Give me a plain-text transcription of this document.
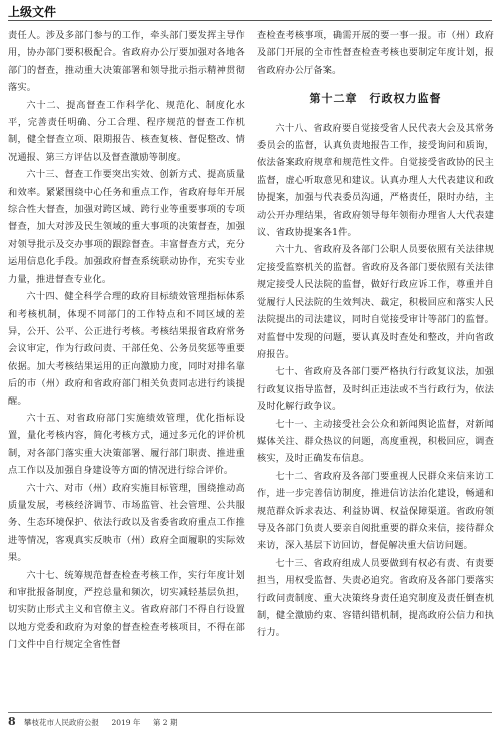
上级文件

责任人。涉及多部门参与的工作，牵头部门要发挥主导作用，协办部门要积极配合。省政府办公厅要加强对各地各部门的督查，推动重大决策部署和领导批示指示精神贯彻落实。

六十二、提高督查工作科学化、规范化、制度化水平，完善责任明确、分工合理、程序规范的督查工作机制，健全督查立项、限期报告、核查复核、督促整改、情况通报、第三方评估以及督查激励等制度。

六十三、督查工作要突出实效、创新方式、提高质量和效率。紧紧围绕中心任务和重点工作，省政府每年开展综合性大督查，加强对跨区域、跨行业等重要事项的专项督查，加大对涉及民生领域的重大事项的决策督查，加强对领导批示及交办事项的跟踪督查。丰富督查方式，充分运用信息化手段。加强政府督查系统联动协作，充实专业力量，推进督查专业化。

六十四、健全科学合理的政府目标绩效管理指标体系和考核机制，体现不同部门的工作特点和不同区域的差异，公开、公平、公正进行考核。考核结果报省政府常务会议审定，作为行政问责、干部任免、公务员奖惩等重要依据。加大考核结果运用的正向激励力度，同时对排名靠后的市（州）政府和省政府部门相关负责同志进行约谈提醒。

六十五、对省政府部门实施绩效管理，优化指标设置，量化考核内容，简化考核方式，通过多元化的评价机制，对各部门落实重大决策部署、履行部门职责、推进重点工作以及加强自身建设等方面的情况进行综合评价。

六十六、对市（州）政府实施目标管理，围绕推动高质量发展，考核经济调节、市场监管、社会管理、公共服务、生态环境保护、依法行政以及省委省政府重点工作推进等情况，客观真实反映市（州）政府全面履职的实际效果。

六十七、统筹规范督查检查考核工作，实行年度计划和审批报备制度，严控总量和频次，切实减轻基层负担，切实防止形式主义和官僚主义。省政府部门不得自行设置以地方党委和政府为对象的督查检查考核项目，不得在部门文件中自行规定全省性督

查检查考核事项，确需开展的要一事一报。市（州）政府及部门开展的全市性督查检查考核也要制定年度计划，报省政府办公厅备案。

第十二章　行政权力监督

六十八、省政府要自觉接受省人民代表大会及其常务委员会的监督，认真负责地报告工作，接受询问和质询，依法备案政府规章和规范性文件。自觉接受省政协的民主监督，虚心听取意见和建议。认真办理人大代表建议和政协提案，加强与代表委员沟通，严格责任，限时办结，主动公开办理结果，省政府领导每年领衔办理省人大代表建议、省政协提案各1件。

六十九、省政府及各部门公职人员要依照有关法律规定接受监察机关的监督。省政府及各部门要依照有关法律规定接受人民法院的监督，做好行政应诉工作，尊重并自觉履行人民法院的生效判决、裁定，积极回应和落实人民法院提出的司法建议，同时自觉接受审计等部门的监督。对监督中发现的问题，要认真及时查处和整改，并向省政府报告。

七十、省政府及各部门要严格执行行政复议法，加强行政复议指导监督，及时纠正违法或不当行政行为，依法及时化解行政争议。

七十一、主动接受社会公众和新闻舆论监督，对新闻媒体关注、群众热议的问题，高度重视，积极回应，调查核实，及时正确发布信息。

七十二、省政府及各部门要重视人民群众来信来访工作，进一步完善信访制度，推进信访法治化建设，畅通和规范群众诉求表达、利益协调、权益保障渠道。省政府领导及各部门负责人要亲自阅批重要的群众来信，接待群众来访，深入基层下访回访，督促解决重大信访问题。

七十三、省政府组成人员要做到有权必有责、有责要担当，用权受监督、失责必追究。省政府及各部门要落实行政问责制度、重大决策终身责任追究制度及责任倒查机制，健全激励约束、容错纠错机制，提高政府公信力和执行力。

8 攀枝花市人民政府公报 2019 年 第 2 期
